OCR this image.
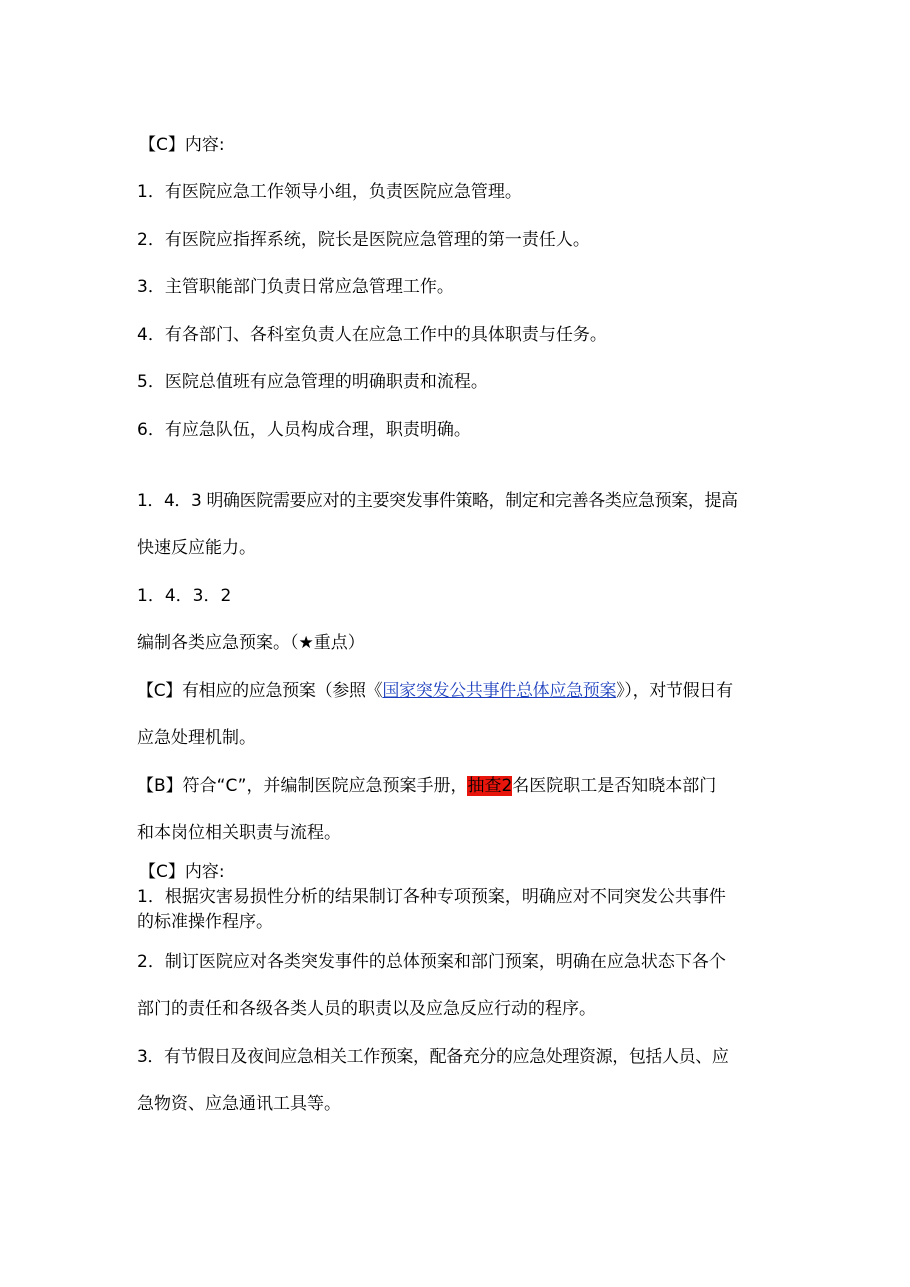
【C】内容:
1．有医院应急工作领导小组，负责医院应急管理。
2．有医院应指挥系统，院长是医院应急管理的第一责任人。
3．主管职能部门负责日常应急管理工作。
4．有各部门、各科室负责人在应急工作中的具体职责与任务。
5．医院总值班有应急管理的明确职责和流程。
6．有应急队伍，人员构成合理，职责明确。
1．4．3 明确医院需要应对的主要突发事件策略，制定和完善各类应急预案，提高
快速反应能力。
1．4．3．2
编制各类应急预案。（★重点）
【C】有相应的应急预案（参照《国家突发公共事件总体应急预案》），对节假日有
应急处理机制。
【B】符合“C”，并编制医院应急预案手册，抽查2名医院职工是否知晓本部门
和本岗位相关职责与流程。
【C】内容:
1．根据灾害易损性分析的结果制订各种专项预案，明确应对不同突发公共事件
的标准操作程序。
2．制订医院应对各类突发事件的总体预案和部门预案，明确在应急状态下各个
部门的责任和各级各类人员的职责以及应急反应行动的程序。
3．有节假日及夜间应急相关工作预案，配备充分的应急处理资源，包括人员、应
急物资、应急通讯工具等。
